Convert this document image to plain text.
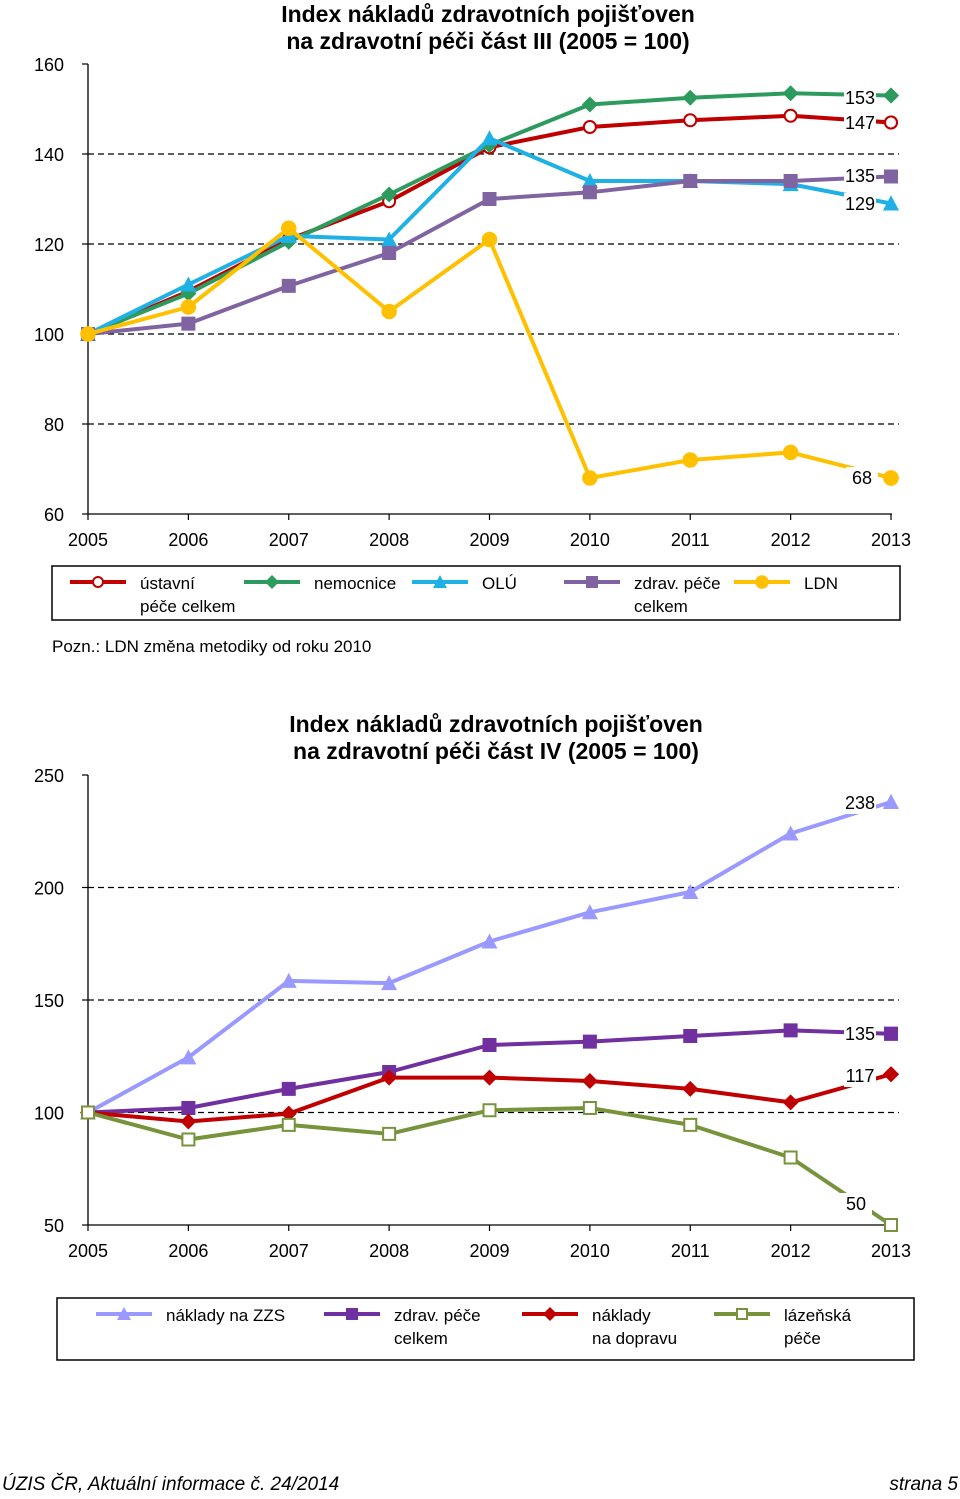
Index nákladů zdravotních pojišťoven
na zdravotní péči část III (2005 = 100)
60
80
100
120
140
160
2005	2006	2007	2008	2009	2010	2011	2012	2013
147
153
129
135
68
ústavní
péče celkem
nemocnice	OLÚ	zdrav. péče
celkem
LDN
Index nákladů zdravotních pojišťoven
na zdravotní péči část IV (2005 = 100)
50
100
150
200
250
2005	2006	2007	2008	2009	2010	2011	2012	2013
238
135
117
50
náklady na ZZS	zdrav. péče
celkem
náklady
na dopravu
lázeňská
péče
Pozn.: LDN změna metodiky od roku 2010
ÚZIS ČR, Aktuální informace č. 24/2014	strana 5
